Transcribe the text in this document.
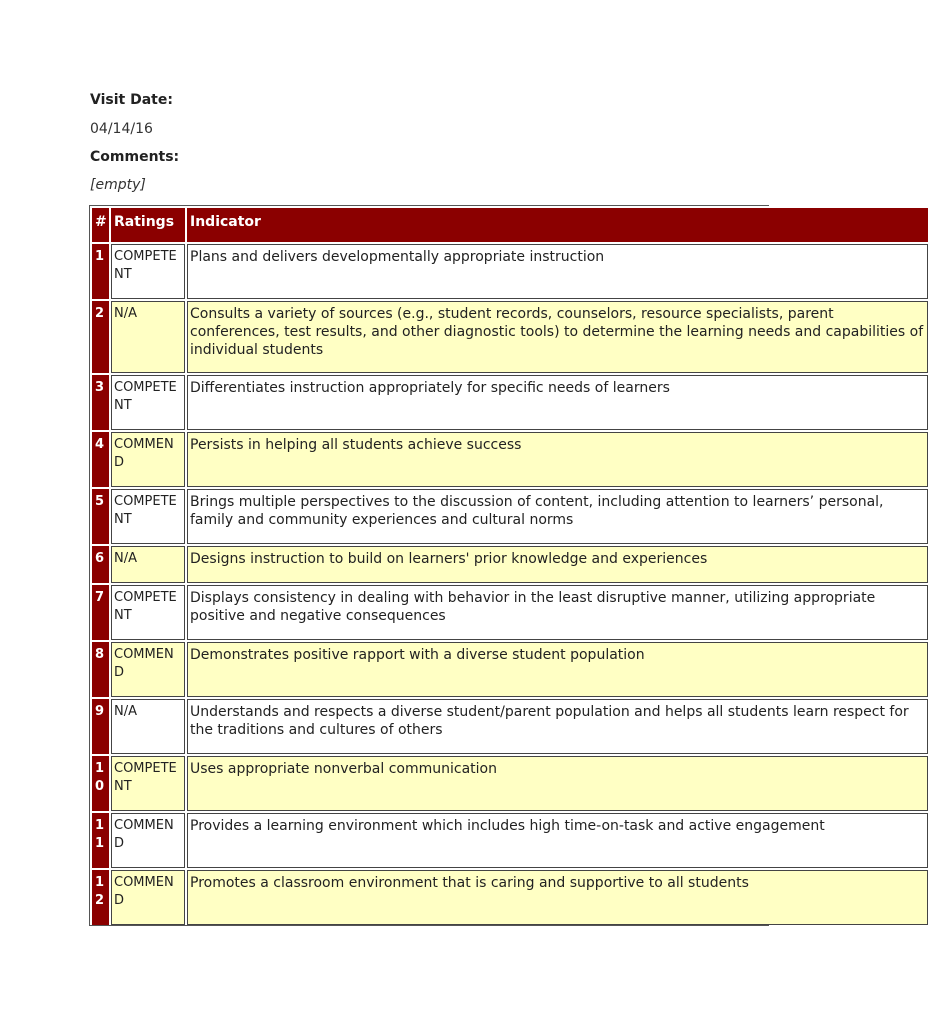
Visit Date:
04/14/16
Comments:
[empty]
#	Ratings	Indicator

1	COMPETENT	Plans and delivers developmentally appropriate instruction

2	N/A	Consults a variety of sources (e.g., student records, counselors, resource specialists, parent conferences, test results, and other diagnostic tools) to determine the learning needs and capabilities of individual students

3	COMPETENT	Differentiates instruction appropriately for specific needs of learners

4	COMMEND	Persists in helping all students achieve success

5	COMPETENT	Brings multiple perspectives to the discussion of content, including attention to learners’ personal, family and community experiences and cultural norms

6	N/A	Designs instruction to build on learners' prior knowledge and experiences

7	COMPETENT	Displays consistency in dealing with behavior in the least disruptive manner, utilizing appropriate positive and negative consequences

8	COMMEND	Demonstrates positive rapport with a diverse student population

9	N/A	Understands and respects a diverse student/parent population and helps all students learn respect for the traditions and cultures of others

10	COMPETENT	Uses appropriate nonverbal communication

11	COMMEND	Provides a learning environment which includes high time-on-task and active engagement

12	COMMEND	Promotes a classroom environment that is caring and supportive to all students
